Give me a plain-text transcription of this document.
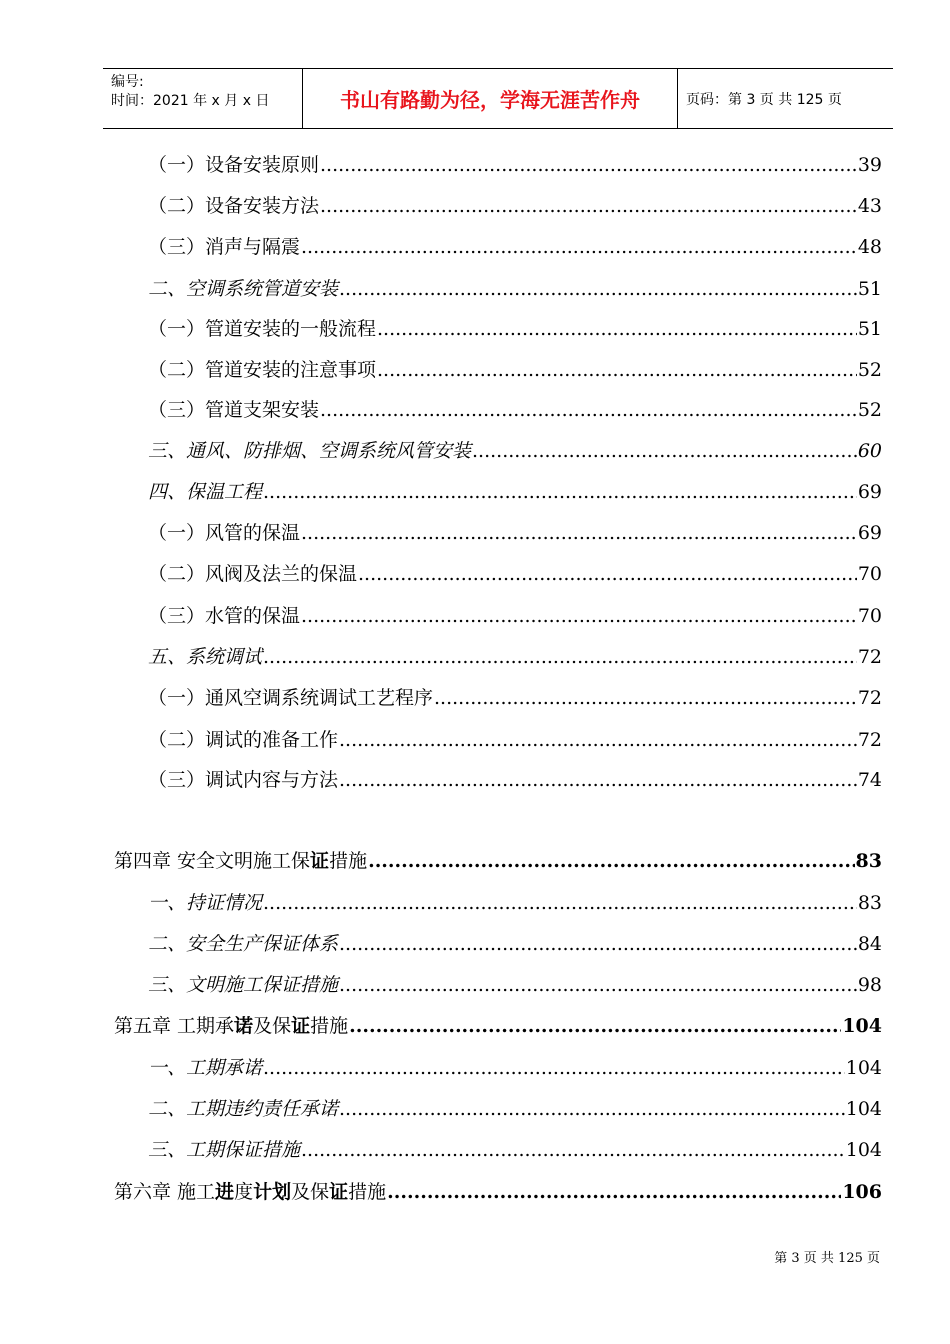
编号:
时间：2021 年 x 月 x 日	书山有路勤为径，学海无涯苦作舟	页码：第 3 页 共 125 页
（一）设备安装原则 .....	39
（二）设备安装方法 .....	43
（三）消声与隔震 .....	48
二、空调系统管道安装 .....	51
（一）管道安装的一般流程 .....	51
（二）管道安装的注意事项 .....	52
（三）管道支架安装 .....	52
三、通风、防排烟、空调系统风管安装 .....	60
四、保温工程 .....	69
（一）风管的保温 .....	69
（二）风阀及法兰的保温 .....	70
（三）水管的保温 .....	70
五、系统调试 .....	72
（一）通风空调系统调试工艺程序 .....	72
（二）调试的准备工作 .....	72
（三）调试内容与方法 .....	74
第四章 安全文明施工保证措施 .....	83
一、持证情况 .....	83
二、安全生产保证体系 .....	84
三、文明施工保证措施 .....	98
第五章 工期承诺及保证措施 .....	104
一、工期承诺 .....	104
二、工期违约责任承诺 .....	104
三、工期保证措施 .....	104
第六章 施工进度计划及保证措施 .....	106
第 3 页 共 125 页
